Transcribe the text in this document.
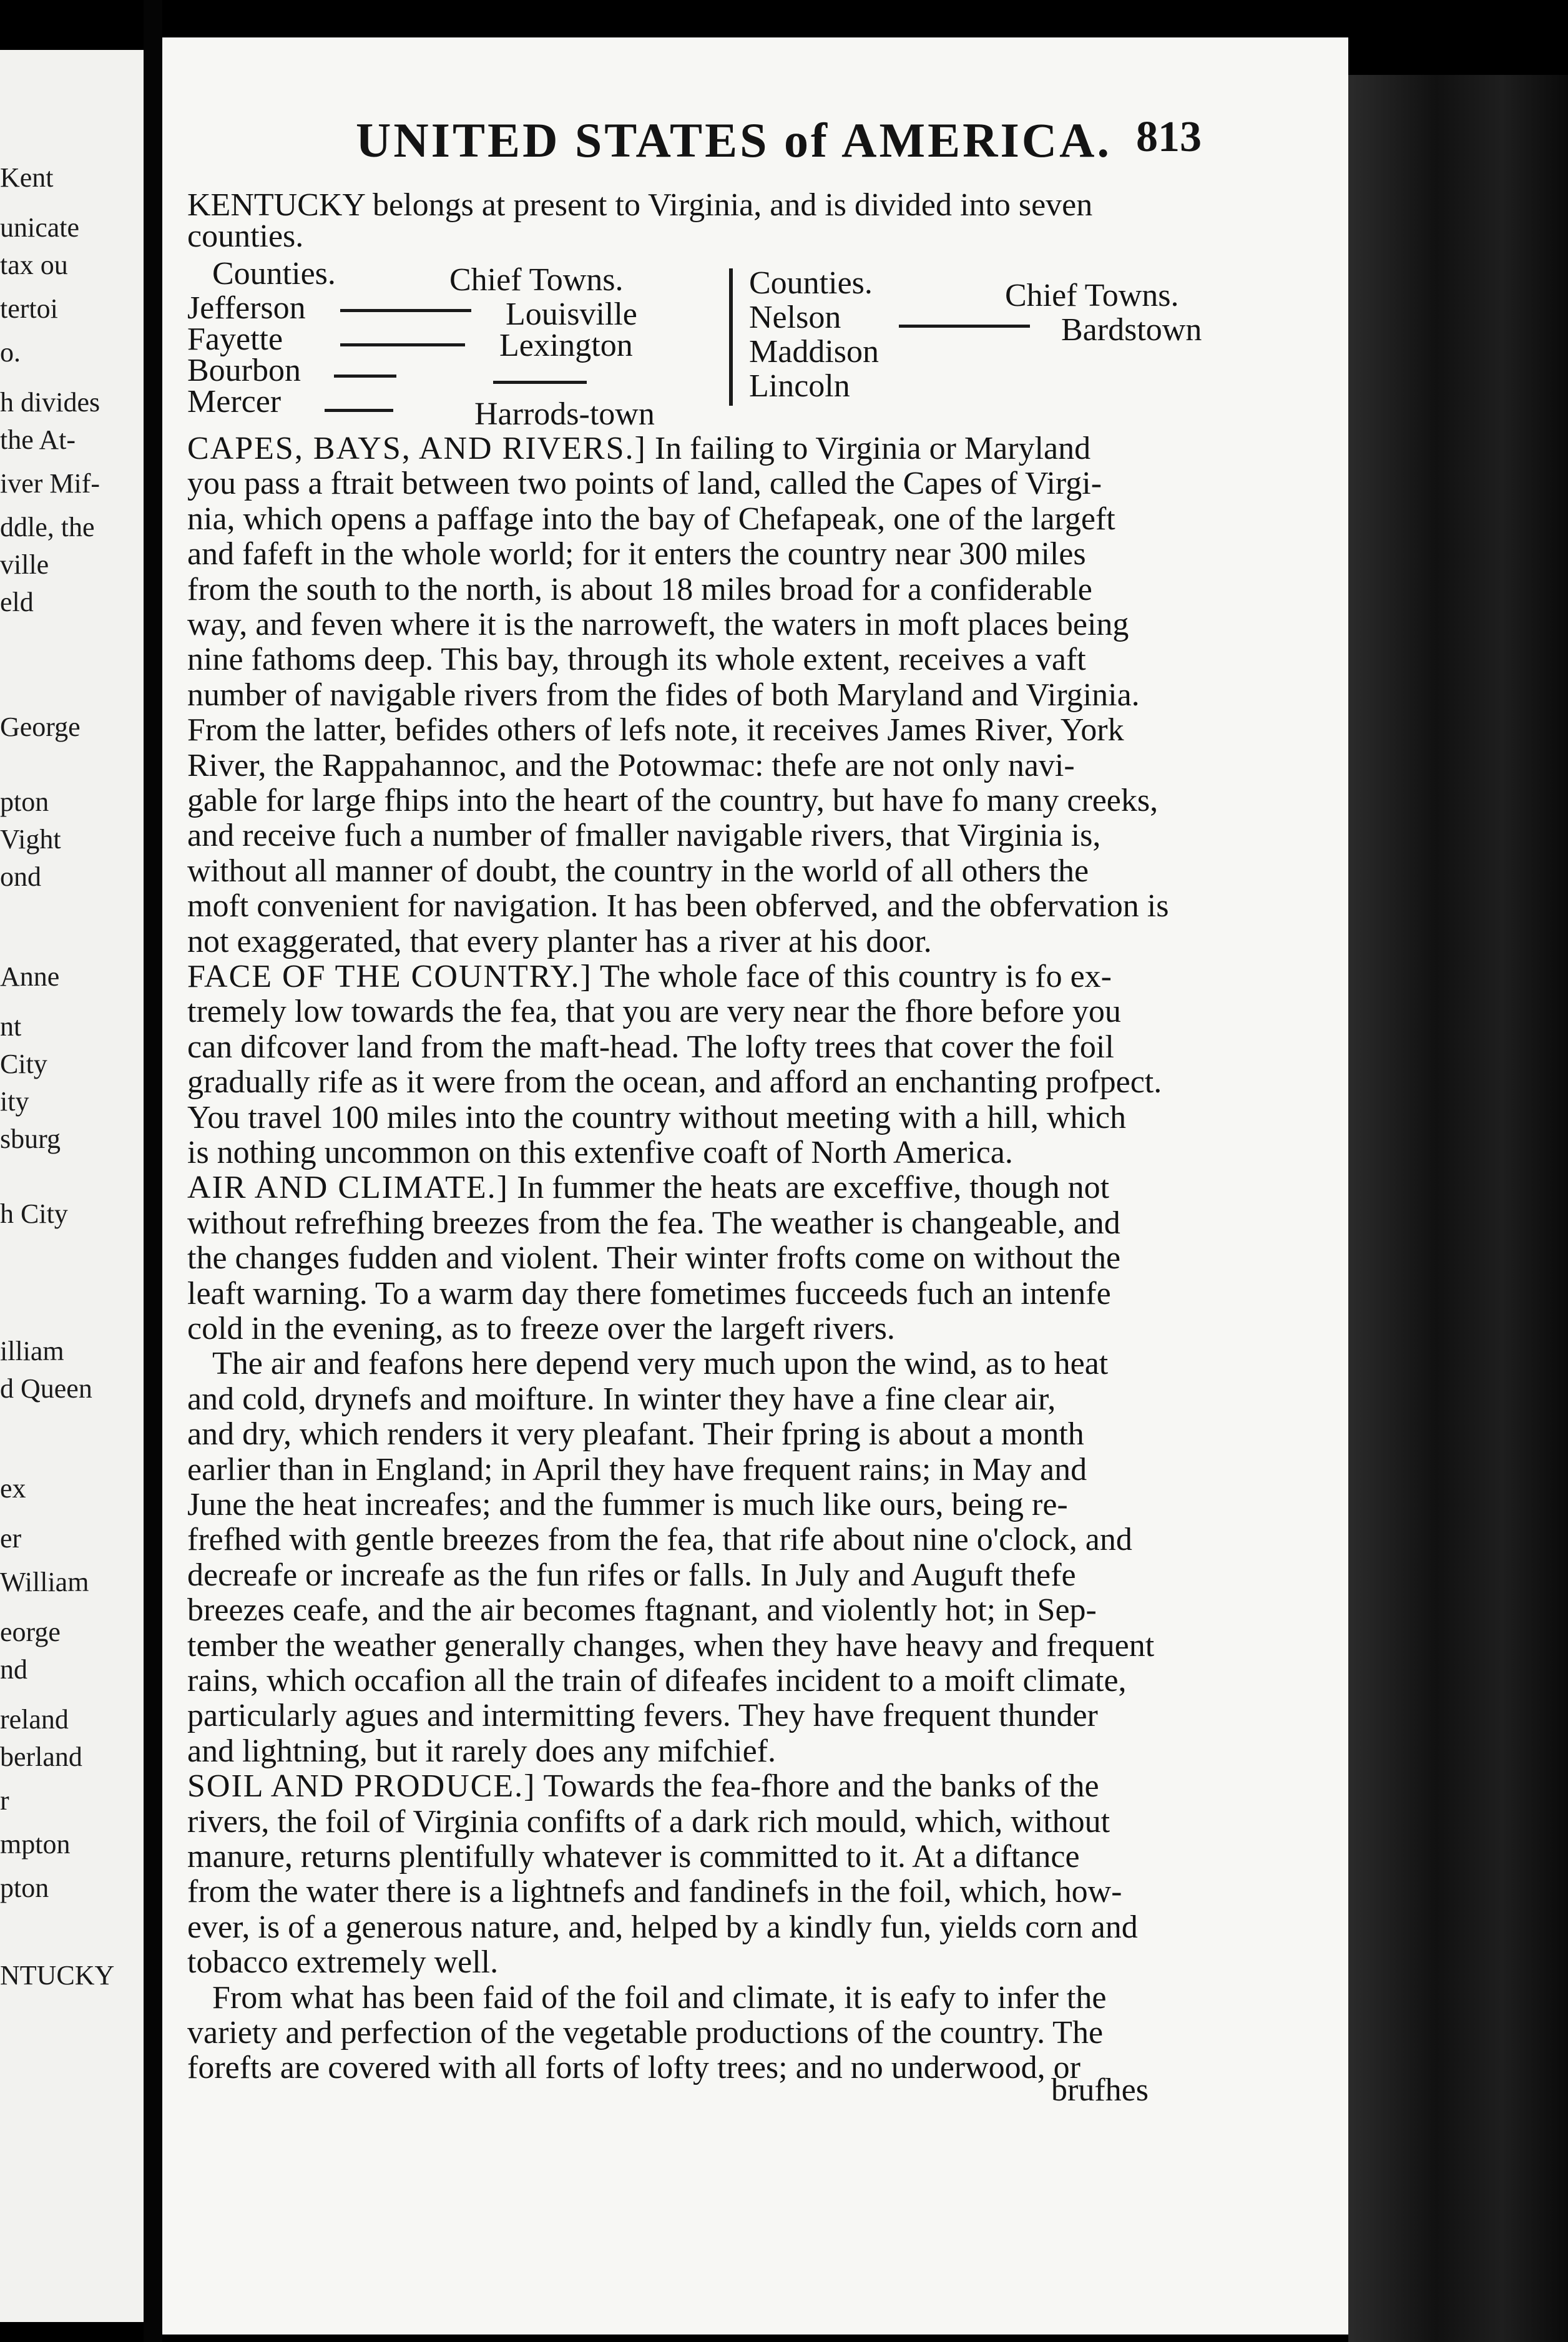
Kent
unicate
tax ou
tertoi
o.
h divides
the At-
iver Mif-
ddle, the
ville
eld
George
pton
Vight
ond
Anne
nt
City
ity
sburg
h City
illiam
d Queen
ex
er
William
eorge
nd
reland
berland
r
mpton
pton
NTUCKY
UNITED STATES of AMERICA. 813
KENTUCKY belongs at present to Virginia, and is divided into seven
counties.
Counties.	Chief Towns.
Jefferson	Louisville
Fayette	Lexington
Bourbon
Mercer	Harrods-town
Counties.	Chief Towns.
Nelson	Bardstown
Maddison
Lincoln
CAPES, BAYS, AND RIVERS.] In failing to Virginia or Maryland
you pass a ftrait between two points of land, called the Capes of Virgi-
nia, which opens a paffage into the bay of Chefapeak, one of the largeft
and fafeft in the whole world; for it enters the country near 300 miles
from the south to the north, is about 18 miles broad for a confiderable
way, and feven where it is the narroweft, the waters in moft places being
nine fathoms deep. This bay, through its whole extent, receives a vaft
number of navigable rivers from the fides of both Maryland and Virginia.
From the latter, befides others of lefs note, it receives James River, York
River, the Rappahannoc, and the Potowmac: thefe are not only navi-
gable for large fhips into the heart of the country, but have fo many creeks,
and receive fuch a number of fmaller navigable rivers, that Virginia is,
without all manner of doubt, the country in the world of all others the
moft convenient for navigation. It has been obferved, and the obfervation is
not exaggerated, that every planter has a river at his door.
FACE OF THE COUNTRY.] The whole face of this country is fo ex-
tremely low towards the fea, that you are very near the fhore before you
can difcover land from the maft-head. The lofty trees that cover the foil
gradually rife as it were from the ocean, and afford an enchanting profpect.
You travel 100 miles into the country without meeting with a hill, which
is nothing uncommon on this extenfive coaft of North America.
AIR AND CLIMATE.] In fummer the heats are exceffive, though not
without refrefhing breezes from the fea. The weather is changeable, and
the changes fudden and violent. Their winter frofts come on without the
leaft warning. To a warm day there fometimes fucceeds fuch an intenfe
cold in the evening, as to freeze over the largeft rivers.
The air and feafons here depend very much upon the wind, as to heat
and cold, drynefs and moifture. In winter they have a fine clear air,
and dry, which renders it very pleafant. Their fpring is about a month
earlier than in England; in April they have frequent rains; in May and
June the heat increafes; and the fummer is much like ours, being re-
frefhed with gentle breezes from the fea, that rife about nine o'clock, and
decreafe or increafe as the fun rifes or falls. In July and Auguft thefe
breezes ceafe, and the air becomes ftagnant, and violently hot; in Sep-
tember the weather generally changes, when they have heavy and frequent
rains, which occafion all the train of difeafes incident to a moift climate,
particularly agues and intermitting fevers. They have frequent thunder
and lightning, but it rarely does any mifchief.
SOIL AND PRODUCE.] Towards the fea-fhore and the banks of the
rivers, the foil of Virginia confifts of a dark rich mould, which, without
manure, returns plentifully whatever is committed to it. At a diftance
from the water there is a lightnefs and fandinefs in the foil, which, how-
ever, is of a generous nature, and, helped by a kindly fun, yields corn and
tobacco extremely well.
From what has been faid of the foil and climate, it is eafy to infer the
variety and perfection of the vegetable productions of the country. The
forefts are covered with all forts of lofty trees; and no underwood, or
brufhes
